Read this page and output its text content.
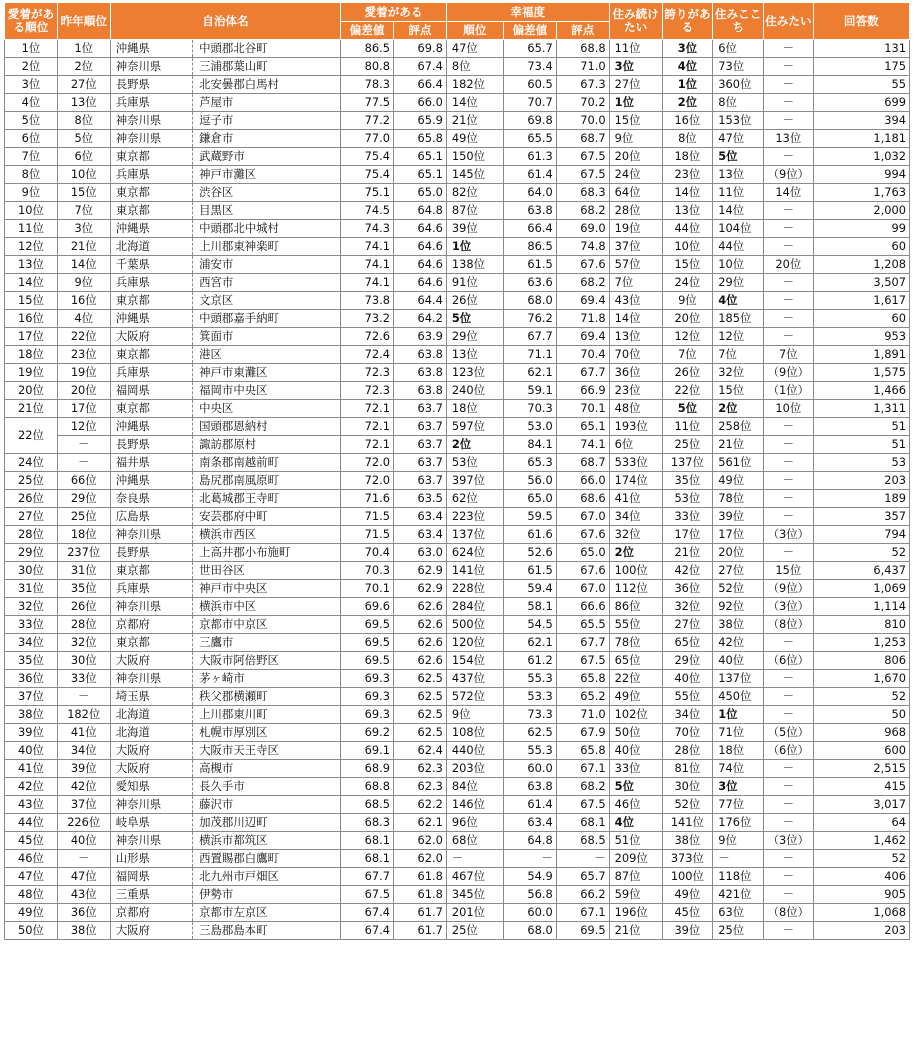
愛着がある順位	昨年順位	自治体名		愛着がある		幸福度			住み続けたい	誇りがある	住みここち	住みたい	回答数
				偏差値	評点	順位	偏差値	評点					
1位	1位	沖縄県	中頭郡北谷町	86.5	69.8	47位	65.7	68.8	11位	3位	6位	－	131
2位	2位	神奈川県	三浦郡葉山町	80.8	67.4	8位	73.4	71.0	3位	4位	73位	－	175
3位	27位	長野県	北安曇郡白馬村	78.3	66.4	182位	60.5	67.3	27位	1位	360位	－	55
4位	13位	兵庫県	芦屋市	77.5	66.0	14位	70.7	70.2	1位	2位	8位	－	699
5位	8位	神奈川県	逗子市	77.2	65.9	21位	69.8	70.0	15位	16位	153位	－	394
6位	5位	神奈川県	鎌倉市	77.0	65.8	49位	65.5	68.7	9位	8位	47位	13位	1,181
7位	6位	東京都	武蔵野市	75.4	65.1	150位	61.3	67.5	20位	18位	5位	－	1,032
8位	10位	兵庫県	神戸市灘区	75.4	65.1	145位	61.4	67.5	24位	23位	13位	（9位）	994
9位	15位	東京都	渋谷区	75.1	65.0	82位	64.0	68.3	64位	14位	11位	14位	1,763
10位	7位	東京都	目黒区	74.5	64.8	87位	63.8	68.2	28位	13位	14位	－	2,000
11位	3位	沖縄県	中頭郡北中城村	74.3	64.6	39位	66.4	69.0	19位	44位	104位	－	99
12位	21位	北海道	上川郡東神楽町	74.1	64.6	1位	86.5	74.8	37位	10位	44位	－	60
13位	14位	千葉県	浦安市	74.1	64.6	138位	61.5	67.6	57位	15位	10位	20位	1,208
14位	9位	兵庫県	西宮市	74.1	64.6	91位	63.6	68.2	7位	24位	29位	－	3,507
15位	16位	東京都	文京区	73.8	64.4	26位	68.0	69.4	43位	9位	4位	－	1,617
16位	4位	沖縄県	中頭郡嘉手納町	73.2	64.2	5位	76.2	71.8	14位	20位	185位	－	60
17位	22位	大阪府	箕面市	72.6	63.9	29位	67.7	69.4	13位	12位	12位	－	953
18位	23位	東京都	港区	72.4	63.8	13位	71.1	70.4	70位	7位	7位	7位	1,891
19位	19位	兵庫県	神戸市東灘区	72.3	63.8	123位	62.1	67.7	36位	26位	32位	（9位）	1,575
20位	20位	福岡県	福岡市中央区	72.3	63.8	240位	59.1	66.9	23位	22位	15位	（1位）	1,466
21位	17位	東京都	中央区	72.1	63.7	18位	70.3	70.1	48位	5位	2位	10位	1,311
22位	12位	沖縄県	国頭郡恩納村	72.1	63.7	597位	53.0	65.1	193位	11位	258位	－	51
	－	長野県	諏訪郡原村	72.1	63.7	2位	84.1	74.1	6位	25位	21位	－	51
24位	－	福井県	南条郡南越前町	72.0	63.7	53位	65.3	68.7	533位	137位	561位	－	53
25位	66位	沖縄県	島尻郡南風原町	72.0	63.7	397位	56.0	66.0	174位	35位	49位	－	203
26位	29位	奈良県	北葛城郡王寺町	71.6	63.5	62位	65.0	68.6	41位	53位	78位	－	189
27位	25位	広島県	安芸郡府中町	71.5	63.4	223位	59.5	67.0	34位	33位	39位	－	357
28位	18位	神奈川県	横浜市西区	71.5	63.4	137位	61.6	67.6	32位	17位	17位	（3位）	794
29位	237位	長野県	上高井郡小布施町	70.4	63.0	624位	52.6	65.0	2位	21位	20位	－	52
30位	31位	東京都	世田谷区	70.3	62.9	141位	61.5	67.6	100位	42位	27位	15位	6,437
31位	35位	兵庫県	神戸市中央区	70.1	62.9	228位	59.4	67.0	112位	36位	52位	（9位）	1,069
32位	26位	神奈川県	横浜市中区	69.6	62.6	284位	58.1	66.6	86位	32位	92位	（3位）	1,114
33位	28位	京都府	京都市中京区	69.5	62.6	500位	54.5	65.5	55位	27位	38位	（8位）	810
34位	32位	東京都	三鷹市	69.5	62.6	120位	62.1	67.7	78位	65位	42位	－	1,253
35位	30位	大阪府	大阪市阿倍野区	69.5	62.6	154位	61.2	67.5	65位	29位	40位	（6位）	806
36位	33位	神奈川県	茅ヶ崎市	69.3	62.5	437位	55.3	65.8	22位	40位	137位	－	1,670
37位	－	埼玉県	秩父郡横瀬町	69.3	62.5	572位	53.3	65.2	49位	55位	450位	－	52
38位	182位	北海道	上川郡東川町	69.3	62.5	9位	73.3	71.0	102位	34位	1位	－	50
39位	41位	北海道	札幌市厚別区	69.2	62.5	108位	62.5	67.9	50位	70位	71位	（5位）	968
40位	34位	大阪府	大阪市天王寺区	69.1	62.4	440位	55.3	65.8	40位	28位	18位	（6位）	600
41位	39位	大阪府	高槻市	68.9	62.3	203位	60.0	67.1	33位	81位	74位	－	2,515
42位	42位	愛知県	長久手市	68.8	62.3	84位	63.8	68.2	5位	30位	3位	－	415
43位	37位	神奈川県	藤沢市	68.5	62.2	146位	61.4	67.5	46位	52位	77位	－	3,017
44位	226位	岐阜県	加茂郡川辺町	68.3	62.1	96位	63.4	68.1	4位	141位	176位	－	64
45位	40位	神奈川県	横浜市都筑区	68.1	62.0	68位	64.8	68.5	51位	38位	9位	（3位）	1,462
46位	－	山形県	西置賜郡白鷹町	68.1	62.0	－	－	－	209位	373位	－	－	52
47位	47位	福岡県	北九州市戸畑区	67.7	61.8	467位	54.9	65.7	87位	100位	118位	－	406
48位	43位	三重県	伊勢市	67.5	61.8	345位	56.8	66.2	59位	49位	421位	－	905
49位	36位	京都府	京都市左京区	67.4	61.7	201位	60.0	67.1	196位	45位	63位	（8位）	1,068
50位	38位	大阪府	三島郡島本町	67.4	61.7	25位	68.0	69.5	21位	39位	25位	－	203
